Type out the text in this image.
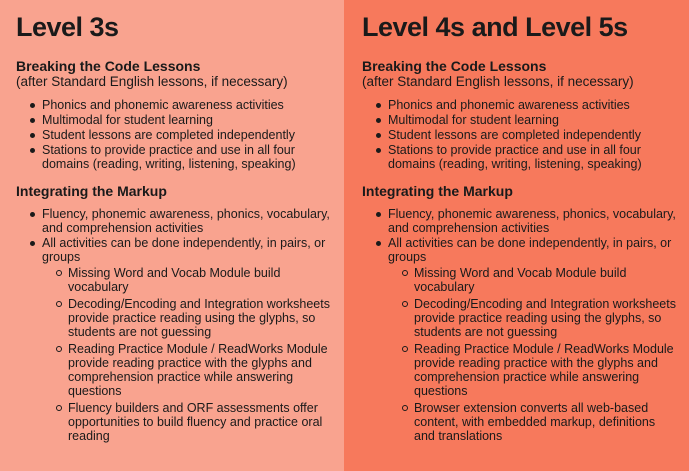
Level 3s
Breaking the Code Lessons
(after Standard English lessons, if necessary)
Phonics and phonemic awareness activities
Multimodal for student learning
Student lessons are completed independently
Stations to provide practice and use in all four domains (reading, writing, listening, speaking)
Integrating the Markup
Fluency, phonemic awareness, phonics, vocabulary, and comprehension activities
All activities can be done independently, in pairs, or groups
Missing Word and Vocab Module build vocabulary
Decoding/Encoding and Integration worksheets provide practice reading using the glyphs, so students are not guessing
Reading Practice Module / ReadWorks Module provide reading practice with the glyphs and comprehension practice while answering questions
Fluency builders and ORF assessments offer opportunities to build fluency and practice oral reading
Level 4s and Level 5s
Breaking the Code Lessons
(after Standard English lessons, if necessary)
Phonics and phonemic awareness activities
Multimodal for student learning
Student lessons are completed independently
Stations to provide practice and use in all four domains (reading, writing, listening, speaking)
Integrating the Markup
Fluency, phonemic awareness, phonics, vocabulary, and comprehension activities
All activities can be done independently, in pairs, or groups
Missing Word and Vocab Module build vocabulary
Decoding/Encoding and Integration worksheets provide practice reading using the glyphs, so students are not guessing
Reading Practice Module / ReadWorks Module provide reading practice with the glyphs and comprehension practice while answering questions
Browser extension converts all web-based content, with embedded markup, definitions and translations
